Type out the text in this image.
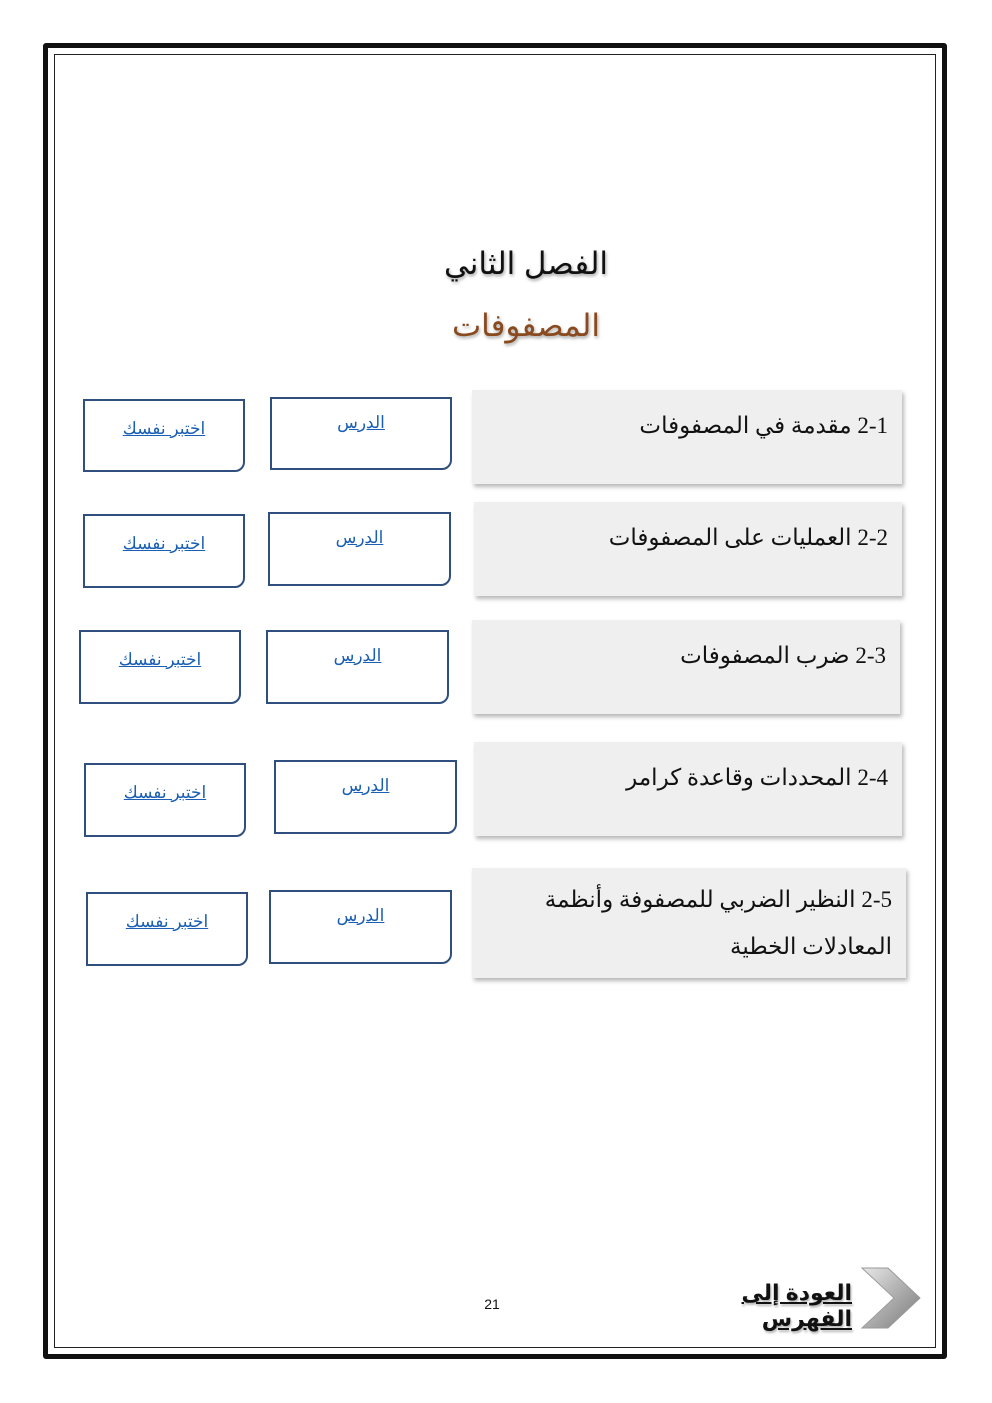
الفصل الثاني
المصفوفات
2-1 مقدمة في المصفوفات
الدرس
اختبر نفسك
2-2 العمليات على المصفوفات
الدرس
اختبر نفسك
2-3 ضرب المصفوفات
الدرس
اختبر نفسك
2-4 المحددات وقاعدة كرامر
الدرس
اختبر نفسك
2-5 النظير الضربي للمصفوفة وأنظمة المعادلات الخطية
الدرس
اختبر نفسك
العودة إلى الفهرس
21
